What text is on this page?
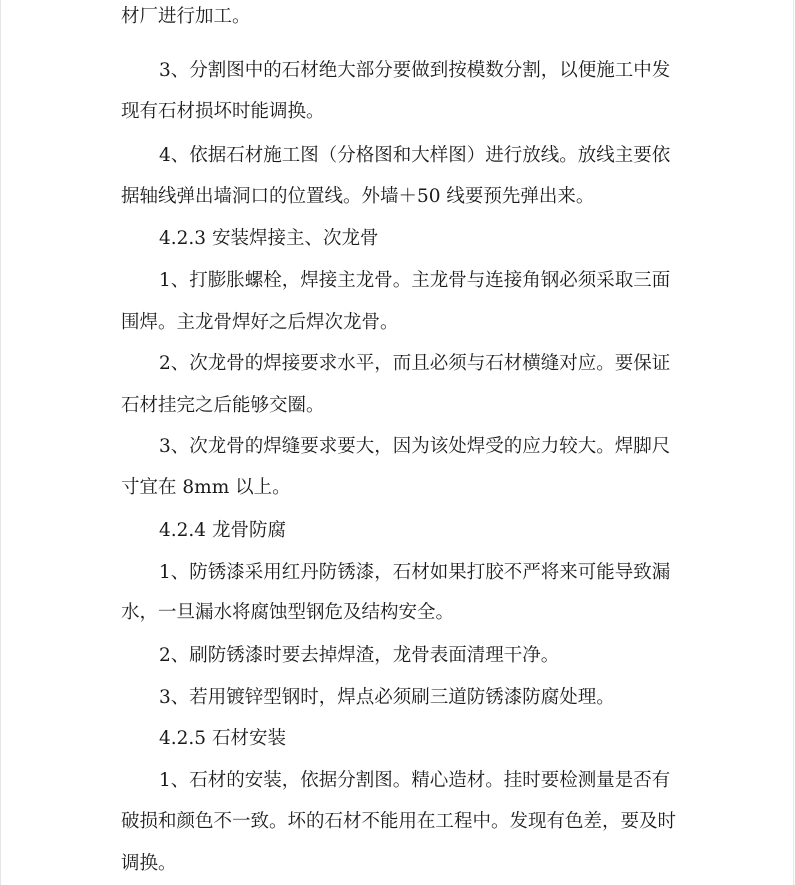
材厂进行加工。
3、分割图中的石材绝大部分要做到按模数分割，以便施工中发
现有石材损坏时能调换。
4、依据石材施工图（分格图和大样图）进行放线。放线主要依
据轴线弹出墙洞口的位置线。外墙＋50 线要预先弹出来。
4.2.3 安装焊接主、次龙骨
1、打膨胀螺栓，焊接主龙骨。主龙骨与连接角钢必须采取三面
围焊。主龙骨焊好之后焊次龙骨。
2、次龙骨的焊接要求水平，而且必须与石材横缝对应。要保证
石材挂完之后能够交圈。
3、次龙骨的焊缝要求要大，因为该处焊受的应力较大。焊脚尺
寸宜在 8mm 以上。
4.2.4 龙骨防腐
1、防锈漆采用红丹防锈漆，石材如果打胶不严将来可能导致漏
水，一旦漏水将腐蚀型钢危及结构安全。
2、刷防锈漆时要去掉焊渣，龙骨表面清理干净。
3、若用镀锌型钢时，焊点必须刷三道防锈漆防腐处理。
4.2.5 石材安装
1、石材的安装，依据分割图。精心造材。挂时要检测量是否有
破损和颜色不一致。坏的石材不能用在工程中。发现有色差，要及时
调换。
